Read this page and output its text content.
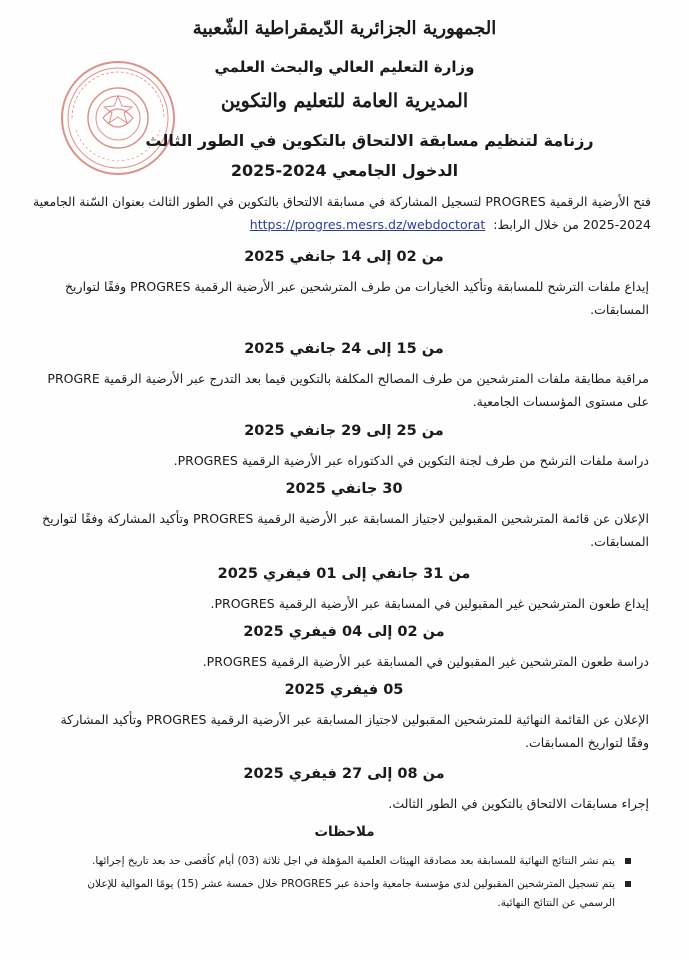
الجمهورية الجزائرية الدّيمقراطية الشّعبية
وزارة التعليم العالي والبحث العلمي
المديرية العامة للتعليم والتكوين
رزنامة لتنظيم مسابقة الالتحاق بالتكوين في الطور الثالث
الدخول الجامعي 2024-2025

فتح الأرضية الرقمية PROGRES لتسجيل المشاركة في مسابقة الالتحاق بالتكوين في الطور الثالث بعنوان السّنة الجامعية 2024-2025 من خلال الرابط:  https://progres.mesrs.dz/webdoctorat

من 02 إلى 14 جانفي 2025
إيداع ملفات الترشح للمسابقة وتأكيد الخيارات من طرف المترشحين عبر الأرضية الرقمية PROGRES وفقًا لتواريخ المسابقات.
من 15 إلى 24 جانفي 2025
مراقبة مطابقة ملفات المترشحين من طرف المصالح المكلفة بالتكوين فيما بعد التدرج عبر الأرضية الرقمية PROGRE على مستوى المؤسسات الجامعية.
من 25 إلى 29 جانفي 2025
دراسة ملفات الترشح من طرف لجنة التكوين في الدكتوراه عبر الأرضية الرقمية PROGRES.
30 جانفي 2025
الإعلان عن قائمة المترشحين المقبولين لاجتياز المسابقة عبر الأرضية الرقمية PROGRES وتأكيد المشاركة وفقًا لتواريخ المسابقات.
من 31 جانفي إلى 01 فيفري 2025
إيداع طعون المترشحين غير المقبولين في المسابقة عبر الأرضية الرقمية PROGRES.
من 02 إلى 04 فيفري 2025
دراسة طعون المترشحين غير المقبولين في المسابقة عبر الأرضية الرقمية PROGRES.
05 فيفري 2025
الإعلان عن القائمة النهائية للمترشحين المقبولين لاجتياز المسابقة عبر الأرضية الرقمية PROGRES وتأكيد المشاركة وفقًا لتواريخ المسابقات.
من 08 إلى 27 فيفري 2025
إجراء مسابقات الالتحاق بالتكوين في الطور الثالث.
ملاحظات
يتم نشر النتائج النهائية للمسابقة بعد مصادقة الهيئات العلمية المؤهلة في اجل ثلاثة (03) أيام كأقصى حد بعد تاريخ إجرائها.
يتم تسجيل المترشحين المقبولين لدى مؤسسة جامعية واحدة عبر PROGRES خلال خمسة عشر (15) يومًا الموالية للإعلان الرسمي عن النتائج النهائية.
